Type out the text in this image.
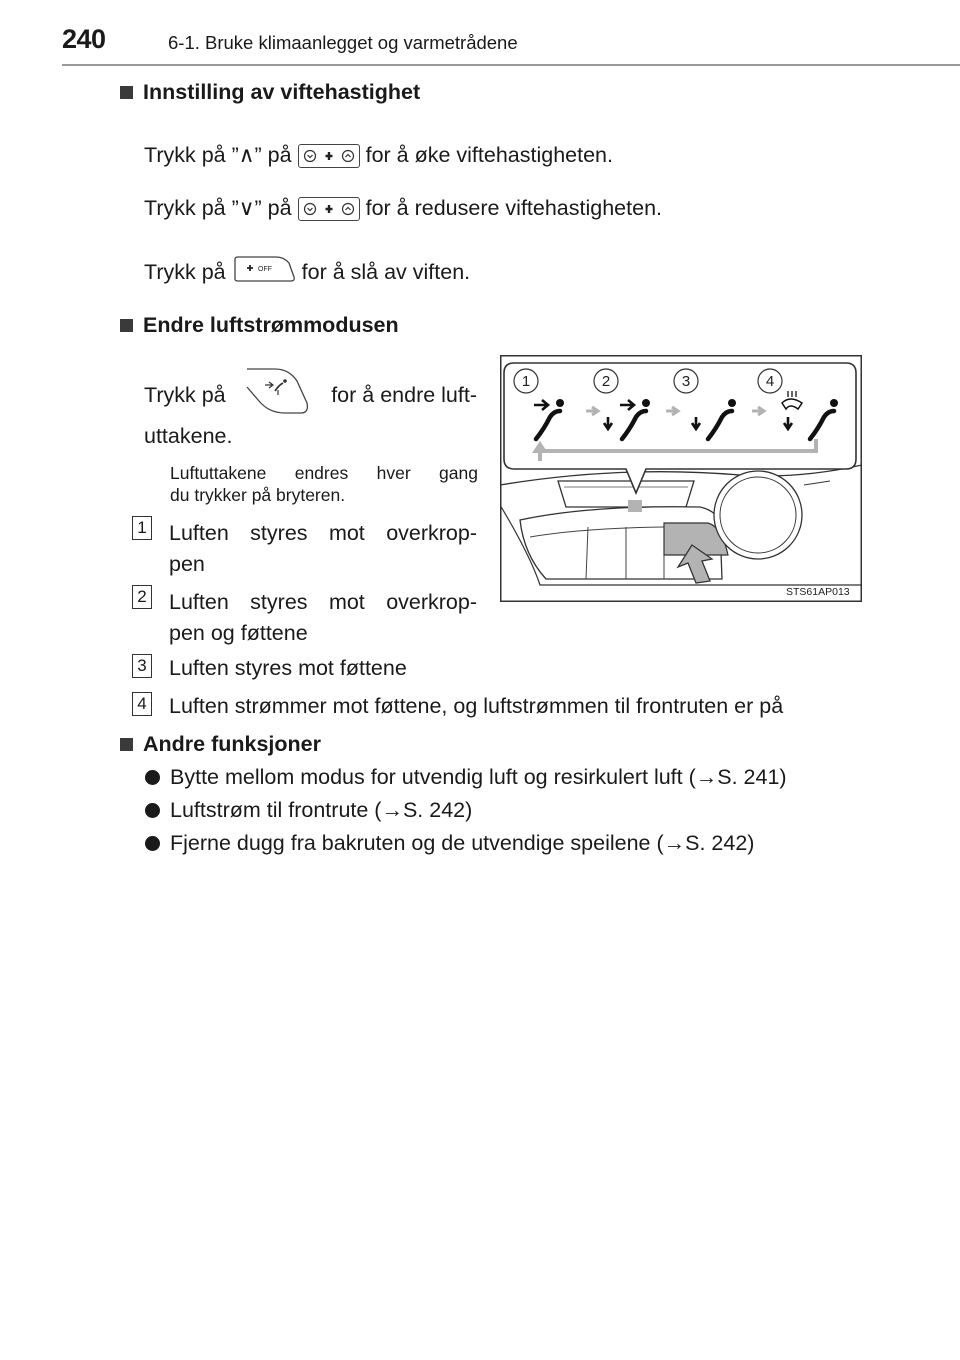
240	6-1. Bruke klimaanlegget og varmetrådene
Innstilling av viftehastighet
Trykk på ” ∧ ” på	for å øke viftehastigheten.
Trykk på ” ∨ ” på	for å redusere viftehastigheten.
Trykk på	OFF for å slå av viften.
Endre luftstrømmodusen
Trykk på	for å endre luft-
uttakene.
Luftuttakene endres hver gang
du trykker på bryteren.
1 Luften styres mot overkrop-
pen
2 Luften styres mot overkrop-
pen og føttene
3 Luften styres mot føttene
4 Luften strømmer mot føttene, og luftstrømmen til frontruten er på
1	2	3	4
STS61AP013
Andre funksjoner
Bytte mellom modus for utvendig luft og resirkulert luft ( → S. 241)
Luftstrøm til frontrute ( → S. 242)
Fjerne dugg fra bakruten og de utvendige speilene ( → S. 242)
